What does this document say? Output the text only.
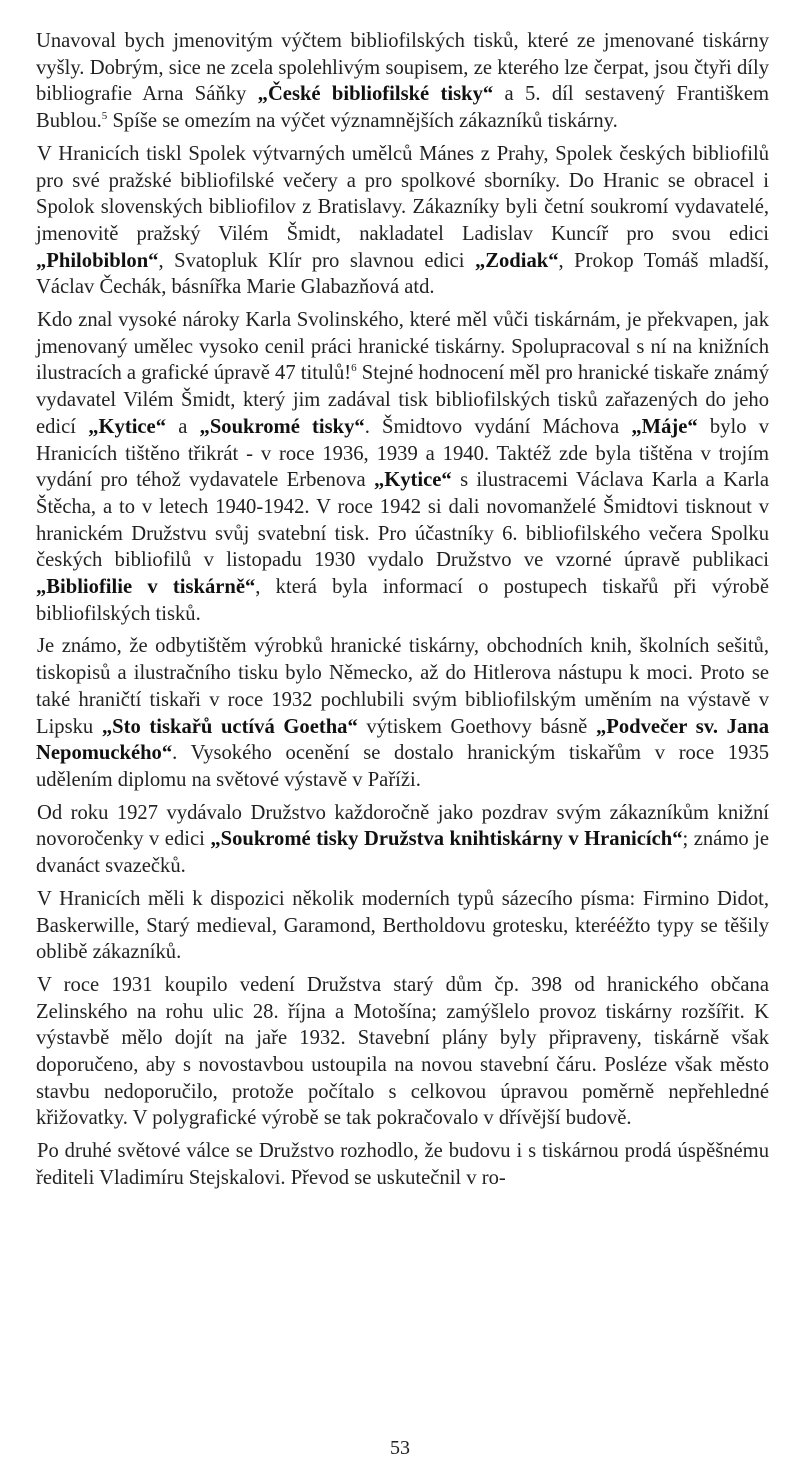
Unavoval bych jmenovitým výčtem bibliofilských tisků, které ze jmenované tiskárny vyšly. Dobrým, sice ne zcela spolehlivým soupisem, ze kterého lze čerpat, jsou čtyři díly bibliografie Arna Sáňky „České bibliofilské tisky“ a 5. díl sestavený Františkem Bublou.$^5$ Spíše se omezím na výčet významnějších zákazníků tiskárny.

V Hranicích tiskl Spolek výtvarných umělců Mánes z Prahy, Spolek českých bibliofilů pro své pražské bibliofilské večery a pro spolkové sborníky. Do Hranic se obracel i Spolok slovenských bibliofilov z Bratislavy. Zákazníky byli četní soukromí vydavatelé, jmenovitě pražský Vilém Šmidt, nakladatel Ladislav Kuncíř pro svou edici „Philobiblon“, Svatopluk Klír pro slavnou edici „Zodiak“, Prokop Tomáš mladší, Václav Čechák, básnířka Marie Glabazňová atd.

Kdo znal vysoké nároky Karla Svolinského, které měl vůči tiskárnám, je překvapen, jak jmenovaný umělec vysoko cenil práci hranické tiskárny. Spolupracoval s ní na knižních ilustracích a grafické úpravě 47 titulů!$^6$ Stejné hodnocení měl pro hranické tiskaře známý vydavatel Vilém Šmidt, který jim zadával tisk bibliofilských tisků zařazených do jeho edicí „Kytice“ a „Soukromé tisky“. Šmidtovo vydání Máchova „Máje“ bylo v Hranicích tištěno třikrát - v roce 1936, 1939 a 1940. Taktéž zde byla tištěna v trojím vydání pro téhož vydavatele Erbenova „Kytice“ s ilustracemi Václava Karla a Karla Štěcha, a to v letech 1940-1942. V roce 1942 si dali novomanželé Šmidtovi tisknout v hranickém Družstvu svůj svatební tisk. Pro účastníky 6. bibliofilského večera Spolku českých bibliofilů v listopadu 1930 vydalo Družstvo ve vzorné úpravě publikaci „Bibliofilie v tiskárně“, která byla informací o postupech tiskařů při výrobě bibliofilských tisků.

Je známo, že odbytištěm výrobků hranické tiskárny, obchodních knih, školních sešitů, tiskopisů a ilustračního tisku bylo Německo, až do Hitlerova nástupu k moci. Proto se také hraničtí tiskaři v roce 1932 pochlubili svým bibliofilským uměním na výstavě v Lipsku „Sto tiskařů uctívá Goetha“ výtiskem Goethovy básně „Podvečer sv. Jana Nepomuckého“. Vysokého ocenění se dostalo hranickým tiskařům v roce 1935 udělením diplomu na světové výstavě v Paříži.

Od roku 1927 vydávalo Družstvo každoročně jako pozdrav svým zákazníkům knižní novoročenky v edici „Soukromé tisky Družstva knihtiskárny v Hranicích“; známo je dvanáct svazečků.

V Hranicích měli k dispozici několik moderních typů sázecího písma: Firmino Didot, Baskerwille, Starý medieval, Garamond, Bertholdovu grotesku, kterééžto typy se těšily oblibě zákazníků.

V roce 1931 koupilo vedení Družstva starý dům čp. 398 od hranického občana Zelinského na rohu ulic 28. října a Motošína; zamýšlelo provoz tiskárny rozšířit. K výstavbě mělo dojít na jaře 1932. Stavební plány byly připraveny, tiskárně však doporučeno, aby s novostavbou ustoupila na novou stavební čáru. Posléze však město stavbu nedoporučilo, protože počítalo s celkovou úpravou poměrně nepřehledné křižovatky. V polygrafické výrobě se tak pokračovalo v dřívější budově.

Po druhé světové válce se Družstvo rozhodlo, že budovu i s tiskárnou prodá úspěšnému řediteli Vladimíru Stejskalovi. Převod se uskutečnil v ro-

53
